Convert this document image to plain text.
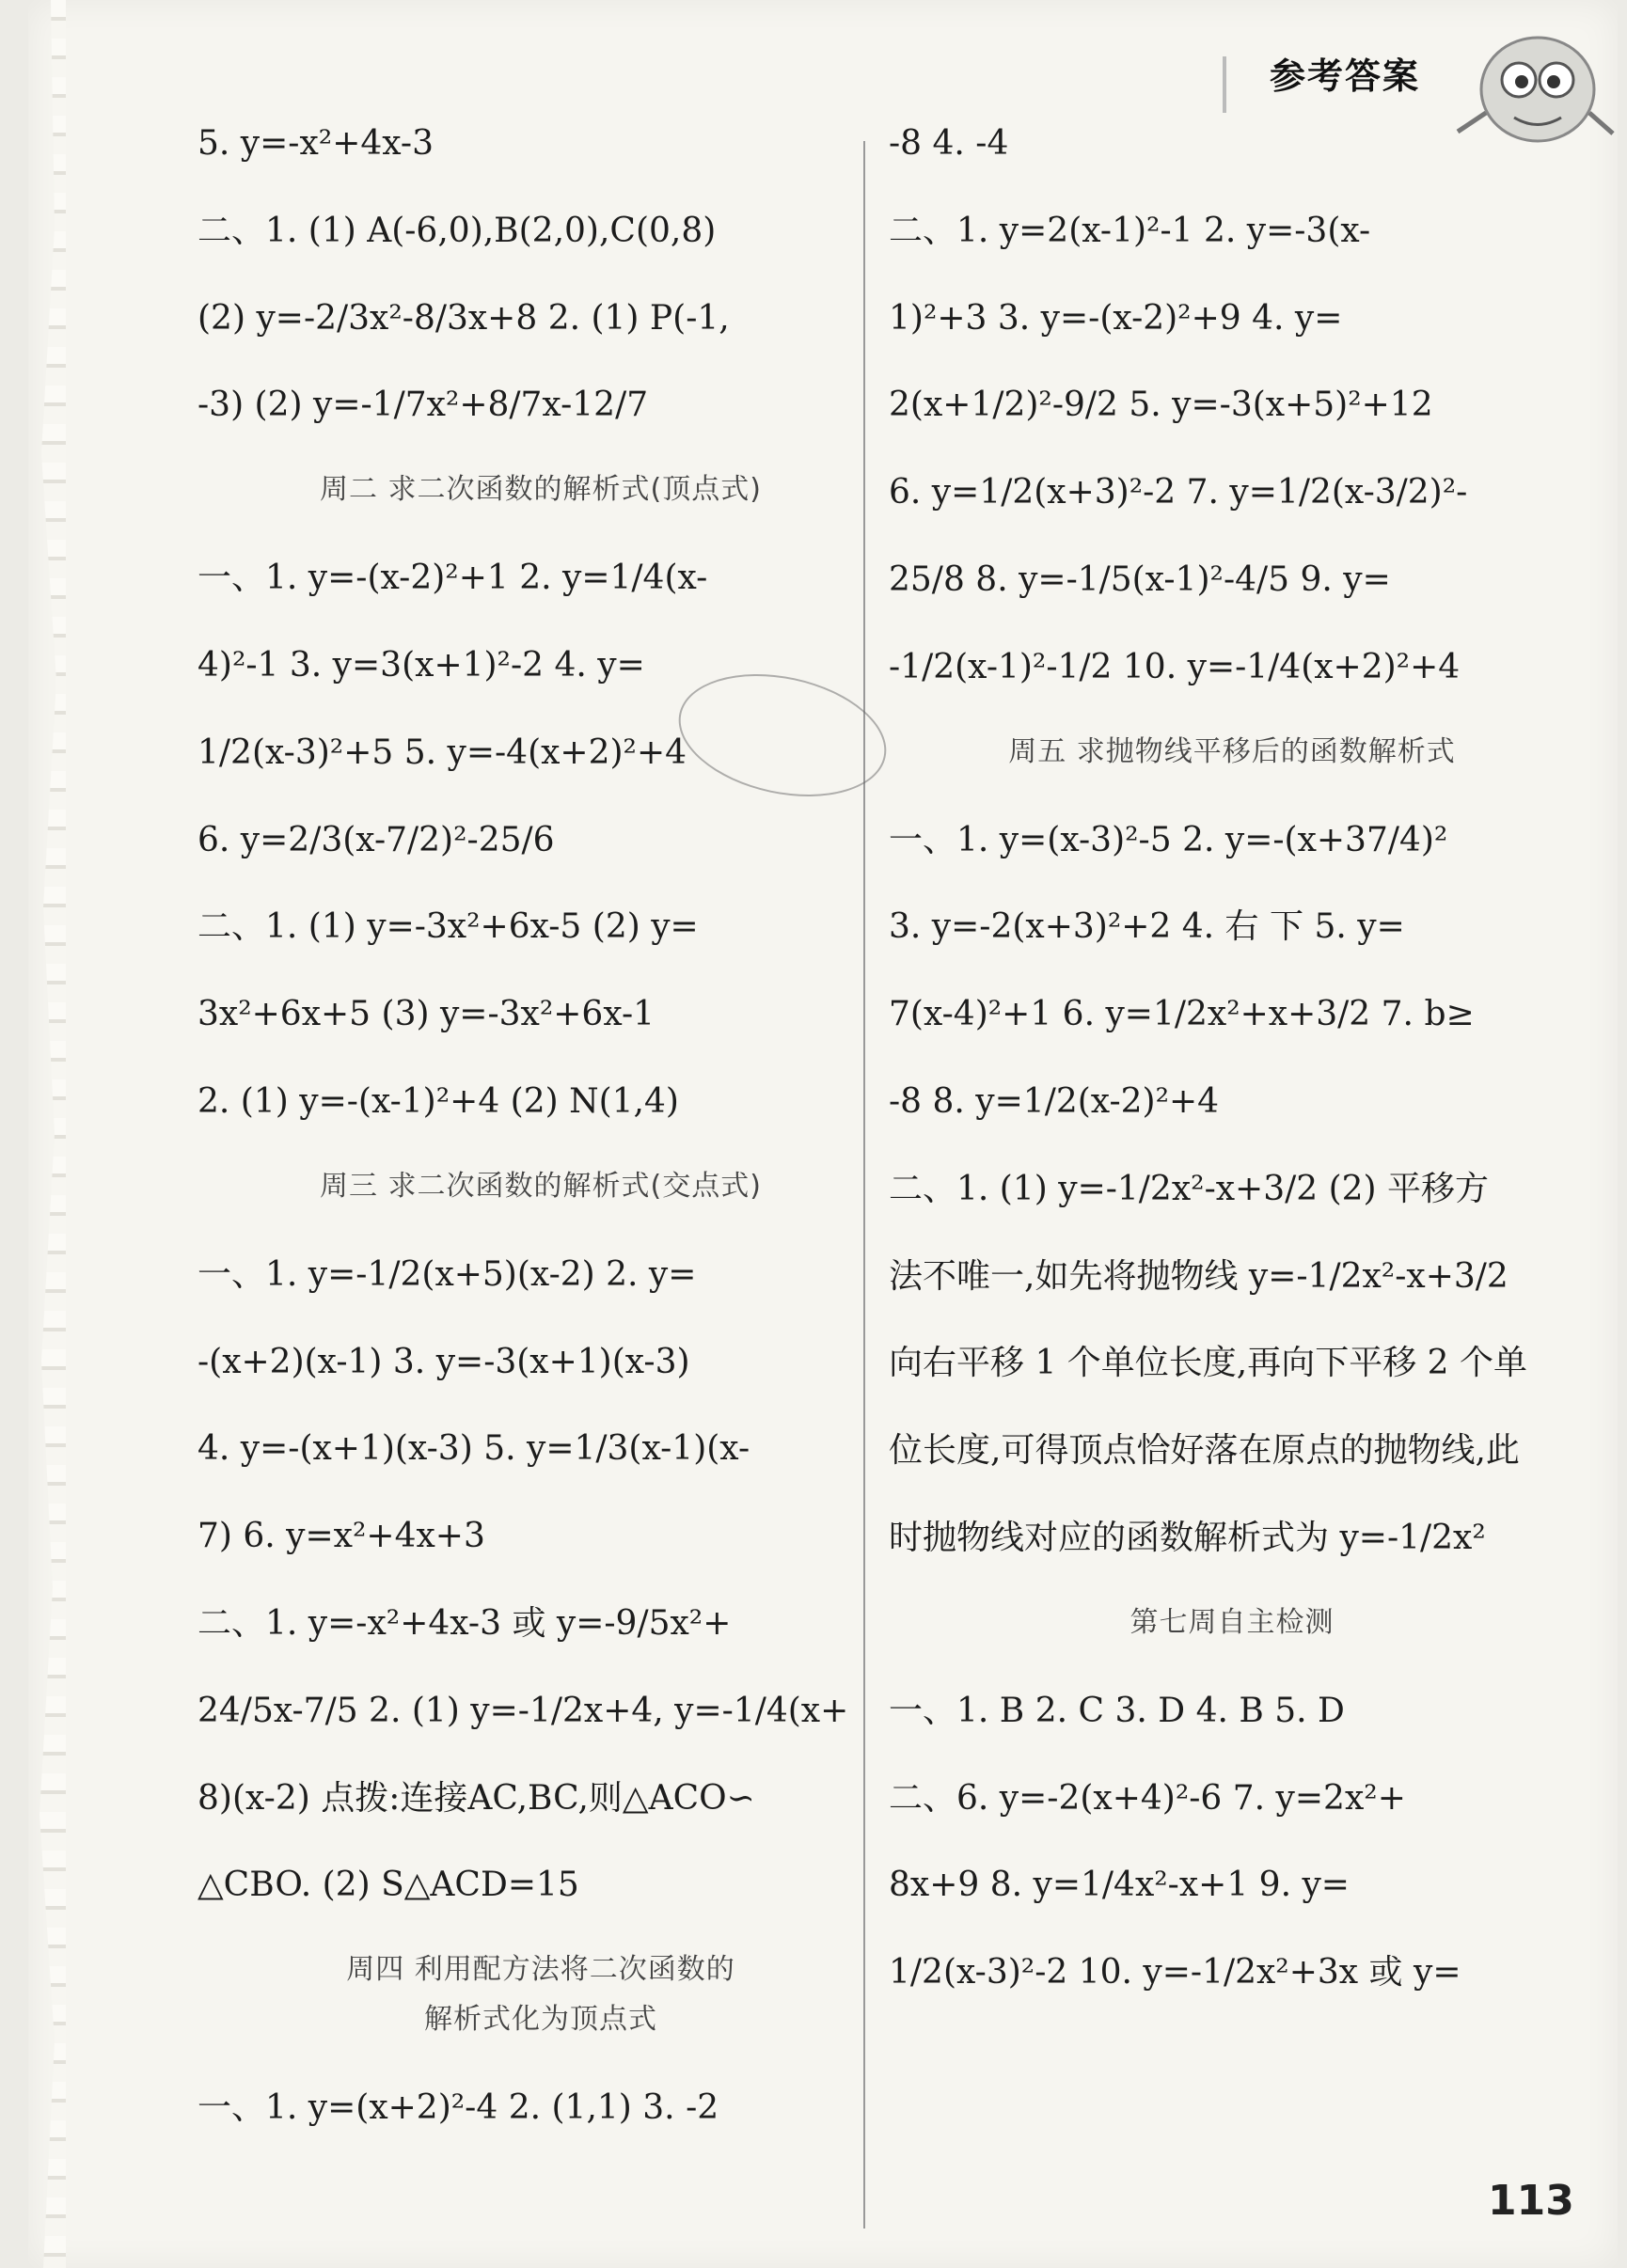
参考答案
5. y=-x²+4x-3
二、1. (1) A(-6,0),B(2,0),C(0,8)
(2) y=-2/3x²-8/3x+8 2. (1) P(-1,
-3) (2) y=-1/7x²+8/7x-12/7
周二 求二次函数的解析式(顶点式)
一、1. y=-(x-2)²+1 2. y=1/4(x-
4)²-1 3. y=3(x+1)²-2 4. y=
1/2(x-3)²+5 5. y=-4(x+2)²+4
6. y=2/3(x-7/2)²-25/6
二、1. (1) y=-3x²+6x-5 (2) y=
3x²+6x+5 (3) y=-3x²+6x-1
2. (1) y=-(x-1)²+4 (2) N(1,4)
周三 求二次函数的解析式(交点式)
一、1. y=-1/2(x+5)(x-2) 2. y=
-(x+2)(x-1) 3. y=-3(x+1)(x-3)
4. y=-(x+1)(x-3) 5. y=1/3(x-1)(x-
7) 6. y=x²+4x+3
二、1. y=-x²+4x-3 或 y=-9/5x²+
24/5x-7/5 2. (1) y=-1/2x+4, y=-1/4(x+
8)(x-2) 点拨:连接AC,BC,则△ACO∽
△CBO. (2) S△ACD=15
周四 利用配方法将二次函数的
解析式化为顶点式
一、1. y=(x+2)²-4 2. (1,1) 3. -2
-8 4. -4
二、1. y=2(x-1)²-1 2. y=-3(x-
1)²+3 3. y=-(x-2)²+9 4. y=
2(x+1/2)²-9/2 5. y=-3(x+5)²+12
6. y=1/2(x+3)²-2 7. y=1/2(x-3/2)²-
25/8 8. y=-1/5(x-1)²-4/5 9. y=
-1/2(x-1)²-1/2 10. y=-1/4(x+2)²+4
周五 求抛物线平移后的函数解析式
一、1. y=(x-3)²-5 2. y=-(x+37/4)²
3. y=-2(x+3)²+2 4. 右 下 5. y=
7(x-4)²+1 6. y=1/2x²+x+3/2 7. b≥
-8 8. y=1/2(x-2)²+4
二、1. (1) y=-1/2x²-x+3/2 (2) 平移方
法不唯一,如先将抛物线 y=-1/2x²-x+3/2
向右平移 1 个单位长度,再向下平移 2 个单
位长度,可得顶点恰好落在原点的抛物线,此
时抛物线对应的函数解析式为 y=-1/2x²
第七周自主检测
一、1. B 2. C 3. D 4. B 5. D
二、6. y=-2(x+4)²-6 7. y=2x²+
8x+9 8. y=1/4x²-x+1 9. y=
1/2(x-3)²-2 10. y=-1/2x²+3x 或 y=
113
